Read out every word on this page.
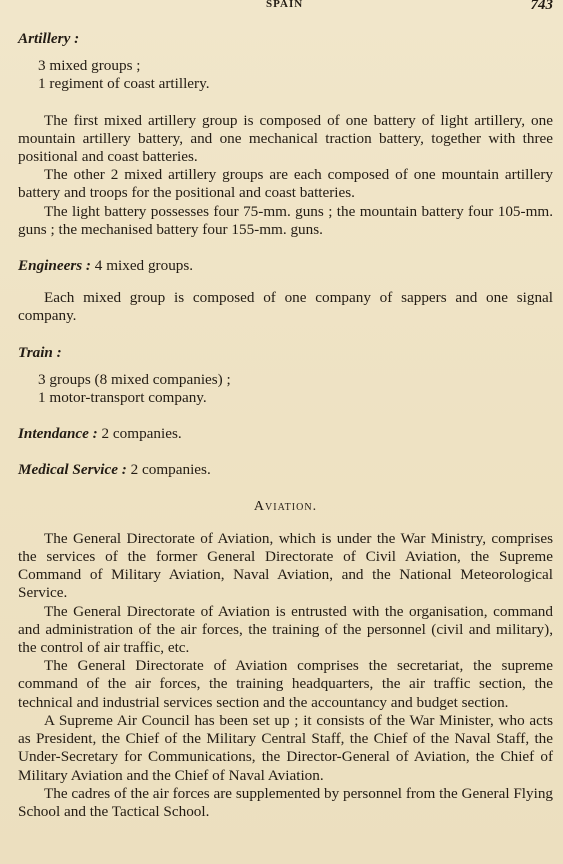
SPAIN	743

Artillery :

3 mixed groups ;
1 regiment of coast artillery.

The first mixed artillery group is composed of one battery of light artillery, one mountain artillery battery, and one mechanical traction battery, together with three positional and coast batteries.

The other 2 mixed artillery groups are each composed of one mountain artillery battery and troops for the positional and coast batteries.

The light battery possesses four 75-mm. guns ; the mountain battery four 105-mm. guns ; the mechanised battery four 155-mm. guns.

Engineers : 4 mixed groups.

Each mixed group is composed of one company of sappers and one signal company.

Train :

3 groups (8 mixed companies) ;
1 motor-transport company.

Intendance : 2 companies.

Medical Service : 2 companies.

Aviation.

The General Directorate of Aviation, which is under the War Ministry, comprises the services of the former General Directorate of Civil Aviation, the Supreme Command of Military Aviation, Naval Aviation, and the National Meteorological Service.

The General Directorate of Aviation is entrusted with the organisation, command and administration of the air forces, the training of the personnel (civil and military), the control of air traffic, etc.

The General Directorate of Aviation comprises the secretariat, the supreme command of the air forces, the training headquarters, the air traffic section, the technical and industrial services section and the accountancy and budget section.

A Supreme Air Council has been set up ; it consists of the War Minister, who acts as President, the Chief of the Military Central Staff, the Chief of the Naval Staff, the Under-Secretary for Communications, the Director-General of Aviation, the Chief of Military Aviation and the Chief of Naval Aviation.

The cadres of the air forces are supplemented by personnel from the General Flying School and the Tactical School.
